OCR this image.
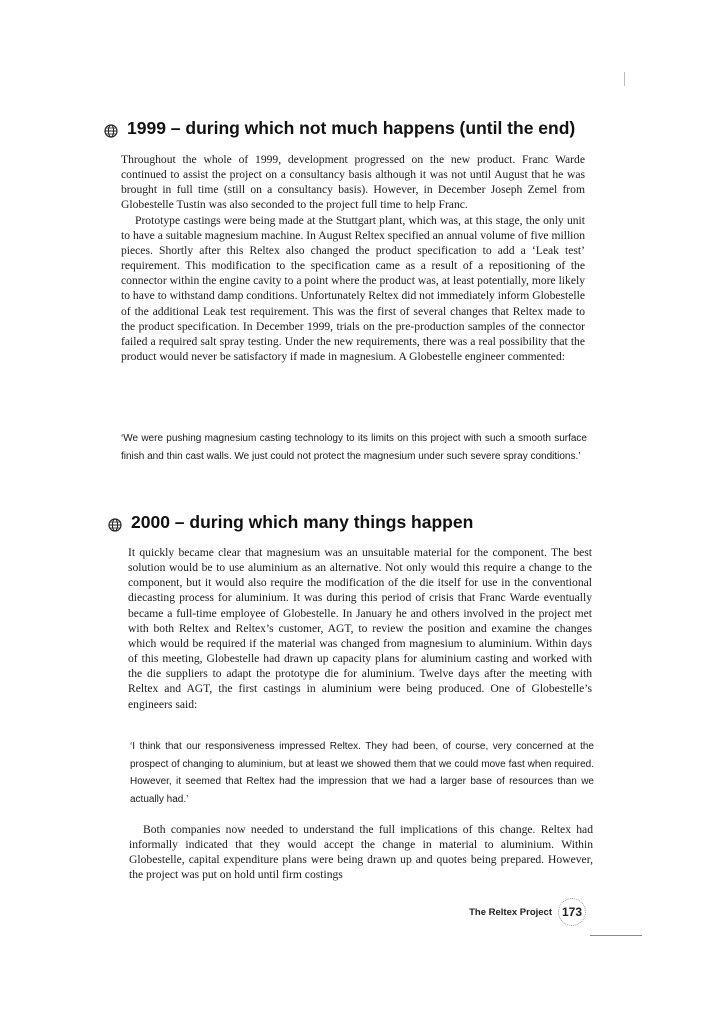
1999 – during which not much happens (until the end)
Throughout the whole of 1999, development progressed on the new product. Franc Warde continued to assist the project on a consultancy basis although it was not until August that he was brought in full time (still on a consultancy basis). However, in December Joseph Zemel from Globestelle Tustin was also seconded to the project full time to help Franc.
Prototype castings were being made at the Stuttgart plant, which was, at this stage, the only unit to have a suitable magnesium machine. In August Reltex specified an annual volume of five million pieces. Shortly after this Reltex also changed the product specification to add a ‘Leak test’ requirement. This modification to the specification came as a result of a repositioning of the connector within the engine cavity to a point where the product was, at least potentially, more likely to have to withstand damp conditions. Unfortunately Reltex did not immediately inform Globestelle of the additional Leak test requirement. This was the first of several changes that Reltex made to the product specification. In December 1999, trials on the pre-production samples of the connector failed a required salt spray testing. Under the new requirements, there was a real possibility that the product would never be satisfactory if made in magnesium. A Globestelle engineer commented:
‘We were pushing magnesium casting technology to its limits on this project with such a smooth surface finish and thin cast walls. We just could not protect the magnesium under such severe spray conditions.’
2000 – during which many things happen
It quickly became clear that magnesium was an unsuitable material for the component. The best solution would be to use aluminium as an alternative. Not only would this require a change to the component, but it would also require the modification of the die itself for use in the conventional diecasting process for aluminium. It was during this period of crisis that Franc Warde eventually became a full-time employee of Globestelle. In January he and others involved in the project met with both Reltex and Reltex’s customer, AGT, to review the position and examine the changes which would be required if the material was changed from magnesium to aluminium. Within days of this meeting, Globestelle had drawn up capacity plans for aluminium casting and worked with the die suppliers to adapt the prototype die for aluminium. Twelve days after the meeting with Reltex and AGT, the first castings in aluminium were being produced. One of Globestelle’s engineers said:
‘I think that our responsiveness impressed Reltex. They had been, of course, very concerned at the prospect of changing to aluminium, but at least we showed them that we could move fast when required. However, it seemed that Reltex had the impression that we had a larger base of resources than we actually had.’
Both companies now needed to understand the full implications of this change. Reltex had informally indicated that they would accept the change in material to aluminium. Within Globestelle, capital expenditure plans were being drawn up and quotes being prepared. However, the project was put on hold until firm costings
The Reltex Project 173
